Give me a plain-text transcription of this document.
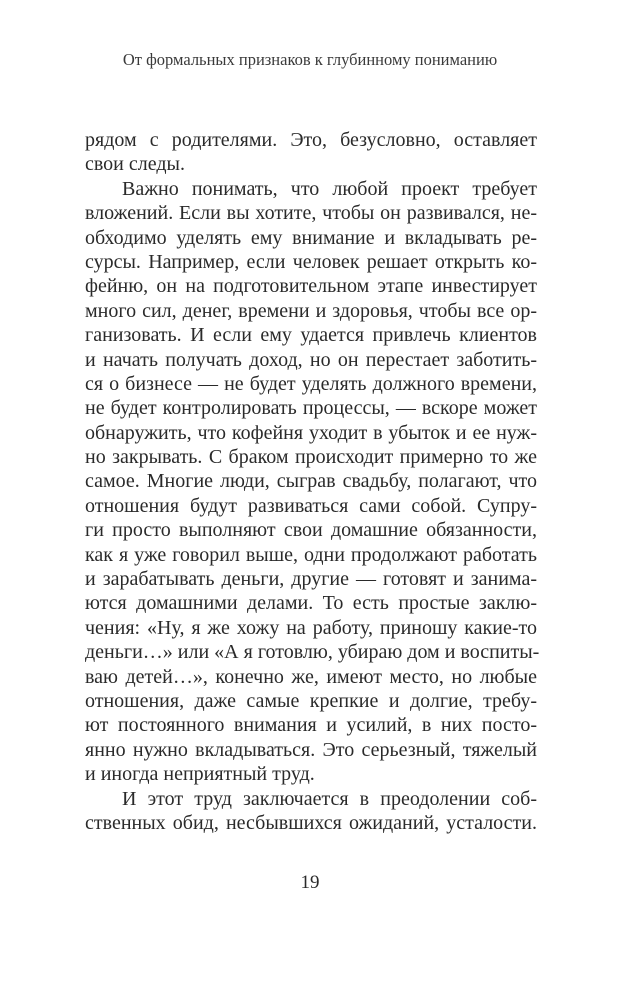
От формальных признаков к глубинному пониманию
рядом с родителями. Это, безусловно, оставляет
свои следы.
Важно понимать, что любой проект требует
вложений. Если вы хотите, чтобы он развивался, не-
обходимо уделять ему внимание и вкладывать ре-
сурсы. Например, если человек решает открыть ко-
фейню, он на подготовительном этапе инвестирует
много сил, денег, времени и здоровья, чтобы все ор-
ганизовать. И если ему удается привлечь клиентов
и начать получать доход, но он перестает заботить-
ся о бизнесе — не будет уделять должного времени,
не будет контролировать процессы, — вскоре может
обнаружить, что кофейня уходит в убыток и ее нуж-
но закрывать. С браком происходит примерно то же
самое. Многие люди, сыграв свадьбу, полагают, что
отношения будут развиваться сами собой. Супру-
ги просто выполняют свои домашние обязанности,
как я уже говорил выше, одни продолжают работать
и зарабатывать деньги, другие — готовят и занима-
ются домашними делами. То есть простые заклю-
чения: «Ну, я же хожу на работу, приношу какие-то
деньги…» или «А я готовлю, убираю дом и воспиты-
ваю детей…», конечно же, имеют место, но любые
отношения, даже самые крепкие и долгие, требу-
ют постоянного внимания и усилий, в них посто-
янно нужно вкладываться. Это серьезный, тяжелый
и иногда неприятный труд.
И этот труд заключается в преодолении соб-
ственных обид, несбывшихся ожиданий, усталости.
19
